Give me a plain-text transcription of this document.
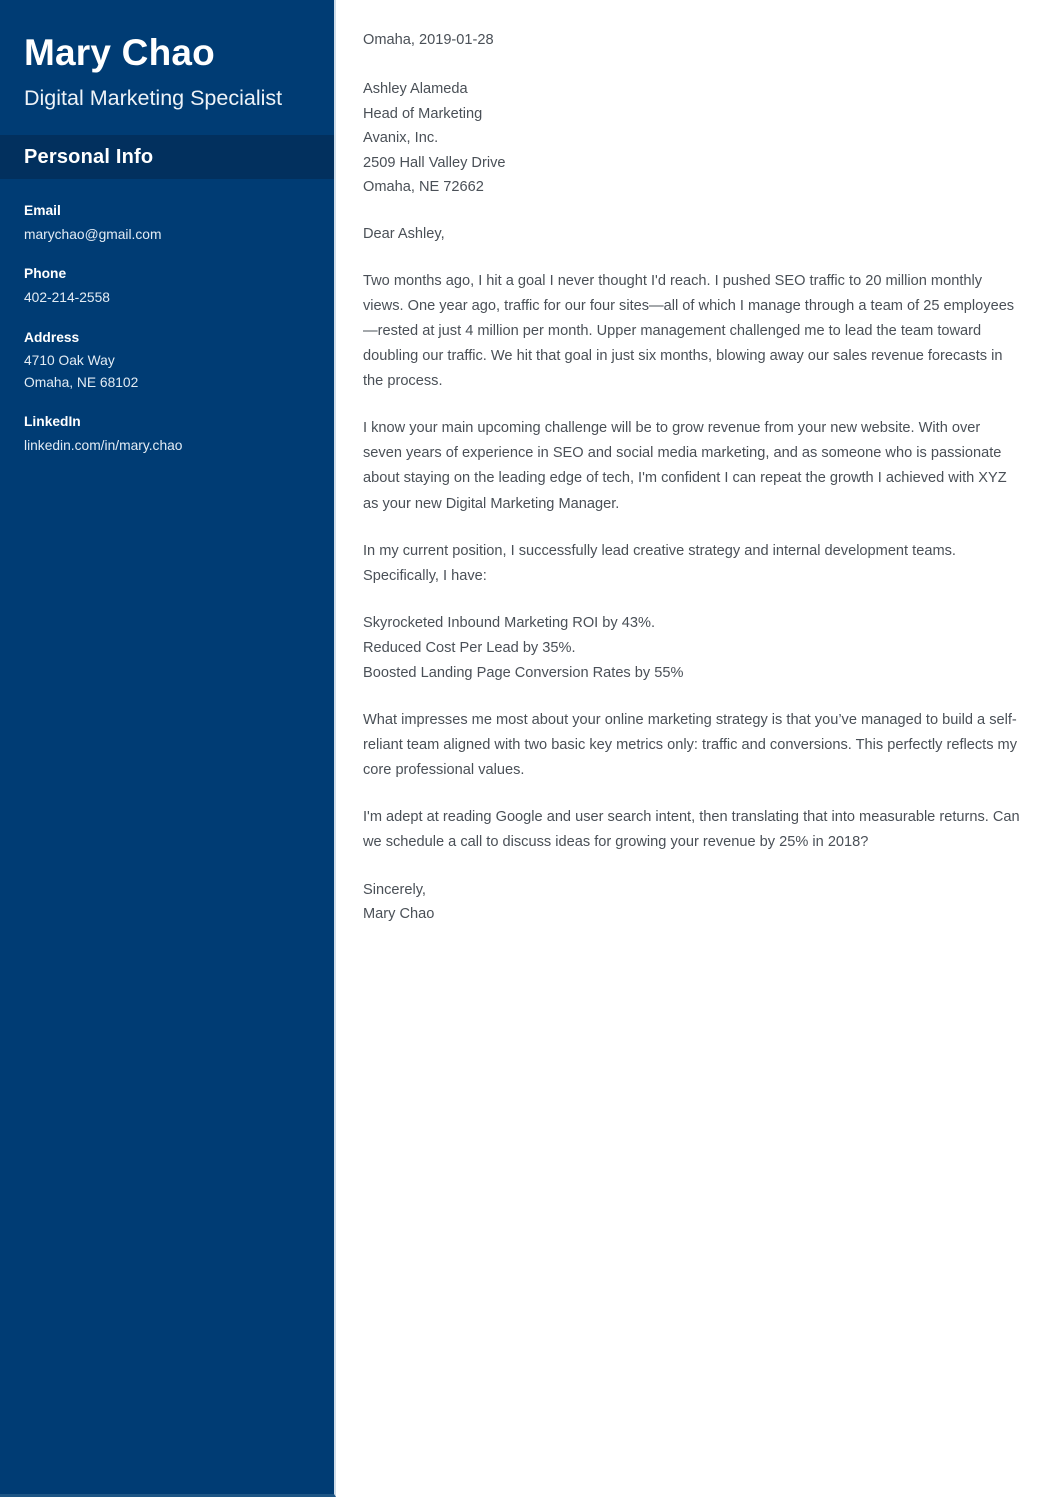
Mary Chao
Digital Marketing Specialist
Personal Info
Email
marychao@gmail.com
Phone
402-214-2558
Address
4710 Oak Way
Omaha, NE 68102
LinkedIn
linkedin.com/in/mary.chao
Omaha, 2019-01-28
Ashley Alameda
Head of Marketing
Avanix, Inc.
2509 Hall Valley Drive
Omaha, NE 72662
Dear Ashley,

Two months ago, I hit a goal I never thought I'd reach. I pushed SEO traffic to 20 million monthly views. One year ago, traffic for our four sites—all of which I manage through a team of 25 employees—rested at just 4 million per month. Upper management challenged me to lead the team toward doubling our traffic. We hit that goal in just six months, blowing away our sales revenue forecasts in the process.

I know your main upcoming challenge will be to grow revenue from your new website. With over seven years of experience in SEO and social media marketing, and as someone who is passionate about staying on the leading edge of tech, I'm confident I can repeat the growth I achieved with XYZ as your new Digital Marketing Manager.

In my current position, I successfully lead creative strategy and internal development teams. Specifically, I have:

Skyrocketed Inbound Marketing ROI by 43%.
Reduced Cost Per Lead by 35%.
Boosted Landing Page Conversion Rates by 55%

What impresses me most about your online marketing strategy is that you’ve managed to build a self-reliant team aligned with two basic key metrics only: traffic and conversions. This perfectly reflects my core professional values.

I'm adept at reading Google and user search intent, then translating that into measurable returns. Can we schedule a call to discuss ideas for growing your revenue by 25% in 2018?

Sincerely,
Mary Chao
